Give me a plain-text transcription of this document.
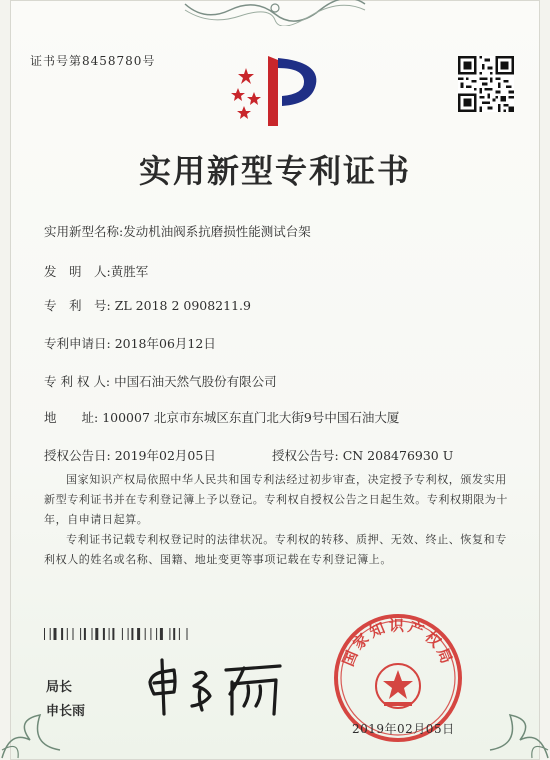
证书号第8458780号
实用新型专利证书
实用新型名称:发动机油阀系抗磨损性能测试台架
发　明　人:黄胜军
专　利　号: ZL 2018 2 0908211.9
专利申请日: 2018年06月12日
专 利 权 人: 中国石油天然气股份有限公司
地　　址: 100007 北京市东城区东直门北大街9号中国石油大厦
授权公告日: 2019年02月05日	授权公告号: CN 208476930 U

国家知识产权局依照中华人民共和国专利法经过初步审查，决定授予专利权，颁发实用新型专利证书并在专利登记簿上予以登记。专利权自授权公告之日起生效。专利权期限为十年，自申请日起算。

专利证书记载专利权登记时的法律状况。专利权的转移、质押、无效、终止、恢复和专利权人的姓名或名称、国籍、地址变更等事项记载在专利登记簿上。

局长
申长雨
国家知识产权局
2019年02月05日
